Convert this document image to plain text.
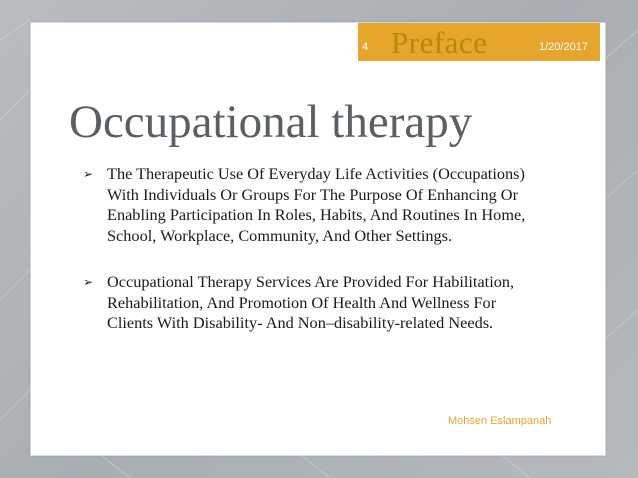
4 Preface	1/20/2017
Occupational therapy
➢ The Therapeutic Use Of Everyday Life Activities (Occupations) With Individuals Or Groups For The Purpose Of Enhancing Or Enabling Participation In Roles, Habits, And Routines In Home, School, Workplace, Community, And Other Settings.
➢ Occupational Therapy Services Are Provided For Habilitation, Rehabilitation, And Promotion Of Health And Wellness For Clients With Disability- And Non–disability-related Needs.
Mohsen Eslampanah
